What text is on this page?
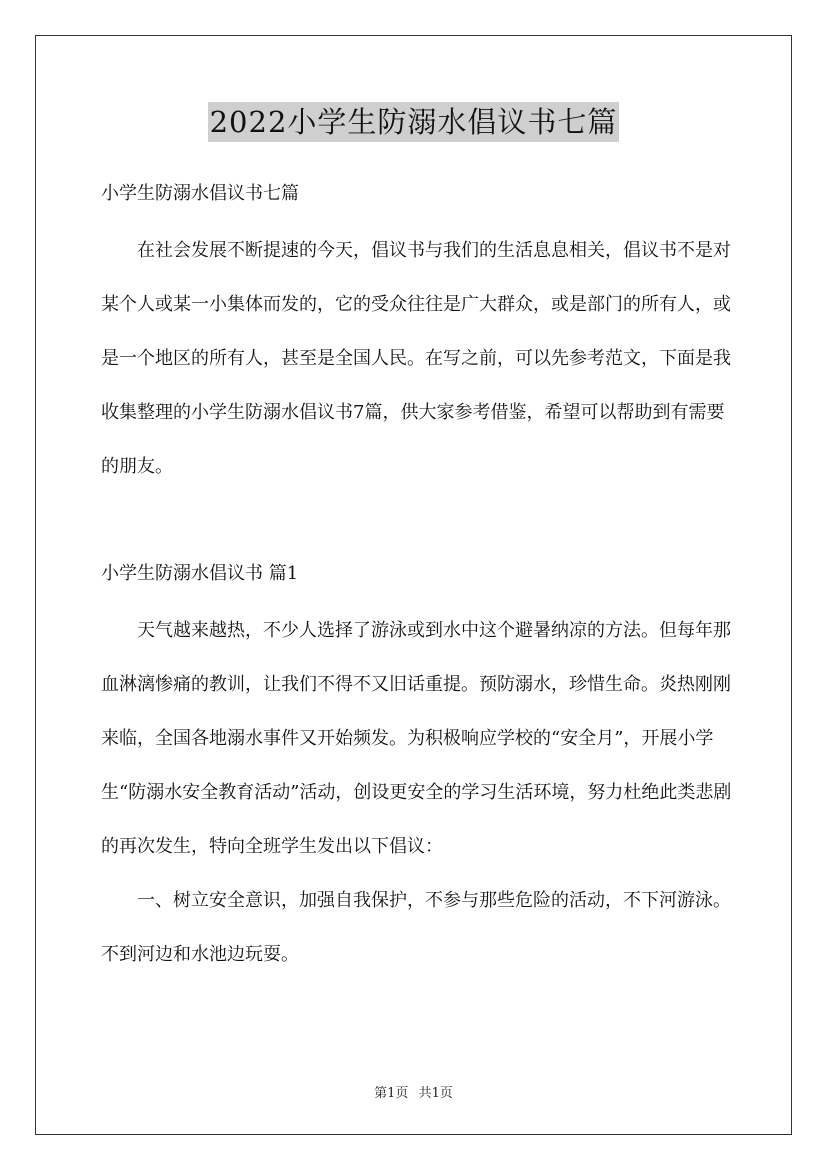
2022小学生防溺水倡议书七篇

小学生防溺水倡议书七篇

在社会发展不断提速的今天，倡议书与我们的生活息息相关，倡议书不是对某个人或某一小集体而发的，它的受众往往是广大群众，或是部门的所有人，或是一个地区的所有人，甚至是全国人民。在写之前，可以先参考范文，下面是我收集整理的小学生防溺水倡议书7篇，供大家参考借鉴，希望可以帮助到有需要的朋友。

小学生防溺水倡议书 篇1

天气越来越热，不少人选择了游泳或到水中这个避暑纳凉的方法。但每年那血淋漓惨痛的教训，让我们不得不又旧话重提。预防溺水，珍惜生命。炎热刚刚来临，全国各地溺水事件又开始频发。为积极响应学校的“安全月”，开展小学生“防溺水安全教育活动”活动，创设更安全的学习生活环境，努力杜绝此类悲剧的再次发生，特向全班学生发出以下倡议：

一、树立安全意识，加强自我保护，不参与那些危险的活动，不下河游泳。不到河边和水池边玩耍。

第1页 共1页
